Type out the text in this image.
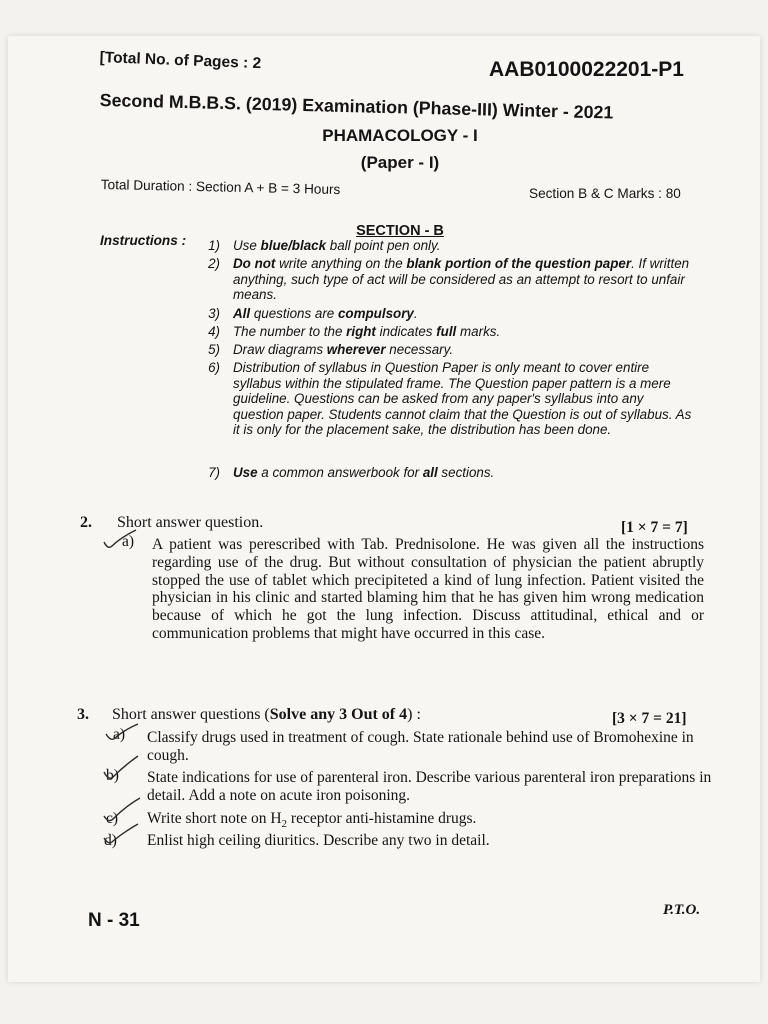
[Total No. of Pages : 2	AAB0100022201-P1
Second M.B.B.S. (2019) Examination (Phase-III) Winter - 2021
PHAMACOLOGY - I
(Paper - I)
Total Duration : Section A + B = 3 Hours	Section B & C Marks : 80
SECTION - B
Instructions :	1) Use blue/black ball point pen only.
2) Do not write anything on the blank portion of the question paper. If written anything, such type of act will be considered as an attempt to resort to unfair means.
3) All questions are compulsory.
4) The number to the right indicates full marks.
5) Draw diagrams wherever necessary.
6) Distribution of syllabus in Question Paper is only meant to cover entire syllabus within the stipulated frame. The Question paper pattern is a mere guideline. Questions can be asked from any paper's syllabus into any question paper. Students cannot claim that the Question is out of syllabus. As it is only for the placement sake, the distribution has been done.
7) Use a common answerbook for all sections.
2. Short answer question.	[1 × 7 = 7]
a) A patient was perescribed with Tab. Prednisolone. He was given all the instructions regarding use of the drug. But without consultation of physician the patient abruptly stopped the use of tablet which precipiteted a kind of lung infection. Patient visited the physician in his clinic and started blaming him that he has given him wrong medication because of which he got the lung infection. Discuss attitudinal, ethical and or communication problems that might have occurred in this case.
3. Short answer questions (Solve any 3 Out of 4) :	[3 × 7 = 21]
a) Classify drugs used in treatment of cough. State rationale behind use of Bromohexine in cough.
b) State indications for use of parenteral iron. Describe various parenteral iron preparations in detail. Add a note on acute iron poisoning.
c) Write short note on $H_2$ receptor anti-histamine drugs.
d) Enlist high ceiling diuritics. Describe any two in detail.
N - 31	P.T.O.
